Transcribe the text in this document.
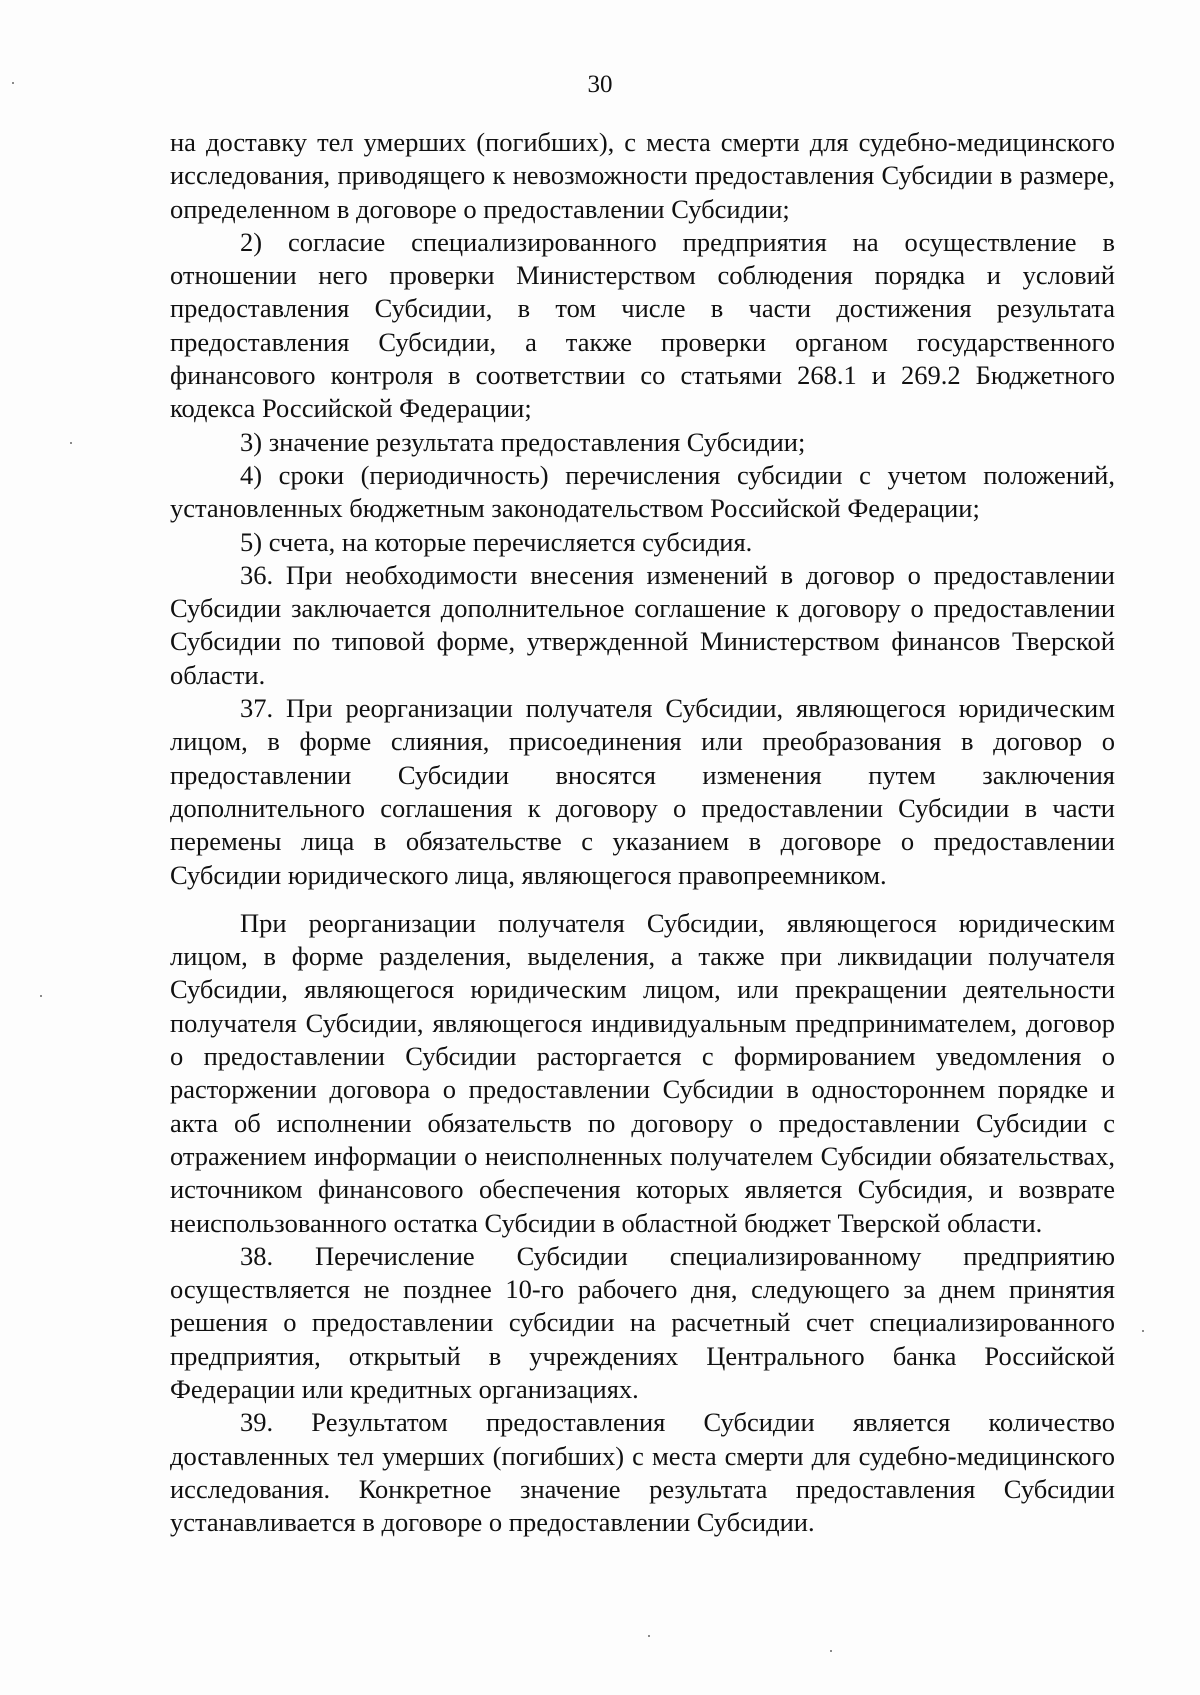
30

на доставку тел умерших (погибших), с места смерти для судебно-медицинского исследования, приводящего к невозможности предоставления Субсидии в размере, определенном в договоре о предоставлении Субсидии;

2) согласие специализированного предприятия на осуществление в отношении него проверки Министерством соблюдения порядка и условий предоставления Субсидии, в том числе в части достижения результата предоставления Субсидии, а также проверки органом государственного финансового контроля в соответствии со статьями 268.1 и 269.2 Бюджетного кодекса Российской Федерации;

3) значение результата предоставления Субсидии;

4) сроки (периодичность) перечисления субсидии с учетом положений, установленных бюджетным законодательством Российской Федерации;

5) счета, на которые перечисляется субсидия.

36. При необходимости внесения изменений в договор о предоставлении Субсидии заключается дополнительное соглашение к договору о предоставлении Субсидии по типовой форме, утвержденной Министерством финансов Тверской области.

37. При реорганизации получателя Субсидии, являющегося юридическим лицом, в форме слияния, присоединения или преобразования в договор о предоставлении Субсидии вносятся изменения путем заключения дополнительного соглашения к договору о предоставлении Субсидии в части перемены лица в обязательстве с указанием в договоре о предоставлении Субсидии юридического лица, являющегося правопреемником.

При реорганизации получателя Субсидии, являющегося юридическим лицом, в форме разделения, выделения, а также при ликвидации получателя Субсидии, являющегося юридическим лицом, или прекращении деятельности получателя Субсидии, являющегося индивидуальным предпринимателем, договор о предоставлении Субсидии расторгается с формированием уведомления о расторжении договора о предоставлении Субсидии в одностороннем порядке и акта об исполнении обязательств по договору о предоставлении Субсидии с отражением информации о неисполненных получателем Субсидии обязательствах, источником финансового обеспечения которых является Субсидия, и возврате неиспользованного остатка Субсидии в областной бюджет Тверской области.

38. Перечисление Субсидии специализированному предприятию осуществляется не позднее 10-го рабочего дня, следующего за днем принятия решения о предоставлении субсидии на расчетный счет специализированного предприятия, открытый в учреждениях Центрального банка Российской Федерации или кредитных организациях.

39. Результатом предоставления Субсидии является количество доставленных тел умерших (погибших) с места смерти для судебно-медицинского исследования. Конкретное значение результата предоставления Субсидии устанавливается в договоре о предоставлении Субсидии.
